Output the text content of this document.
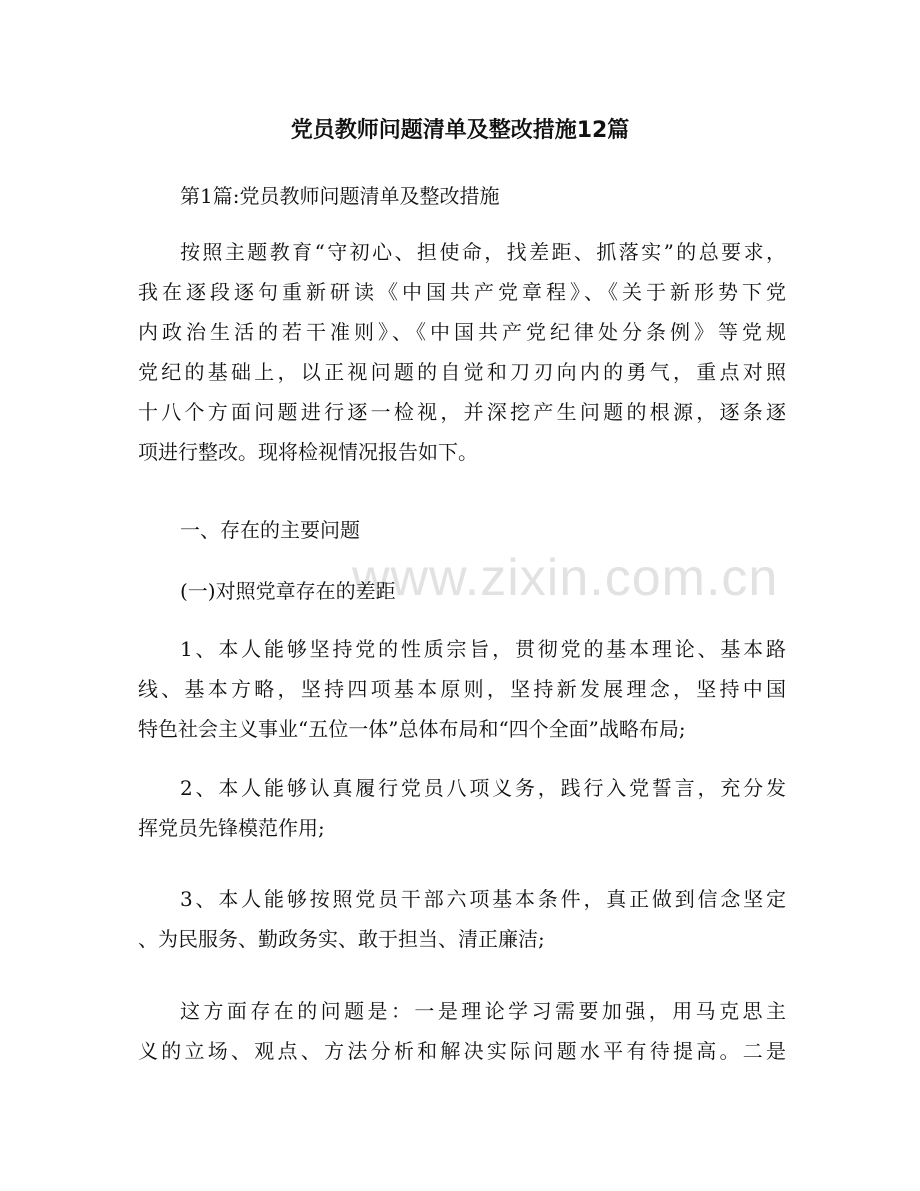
www.zixin.com.cn
党员教师问题清单及整改措施12篇
第1篇:党员教师问题清单及整改措施
按照主题教育“守初心、担使命，找差距、抓落实”的总要求，
我在逐段逐句重新研读《中国共产党章程》、《关于新形势下党
内政治生活的若干准则》、《中国共产党纪律处分条例》等党规
党纪的基础上，以正视问题的自觉和刀刃向内的勇气，重点对照
十八个方面问题进行逐一检视，并深挖产生问题的根源，逐条逐
项进行整改。现将检视情况报告如下。
一、存在的主要问题
(一)对照党章存在的差距
1、本人能够坚持党的性质宗旨，贯彻党的基本理论、基本路
线、基本方略，坚持四项基本原则，坚持新发展理念，坚持中国
特色社会主义事业“五位一体”总体布局和“四个全面”战略布局;
2、本人能够认真履行党员八项义务，践行入党誓言，充分发
挥党员先锋模范作用;
3、本人能够按照党员干部六项基本条件，真正做到信念坚定
、为民服务、勤政务实、敢于担当、清正廉洁;
这方面存在的问题是：一是理论学习需要加强，用马克思主
义的立场、观点、方法分析和解决实际问题水平有待提高。二是
